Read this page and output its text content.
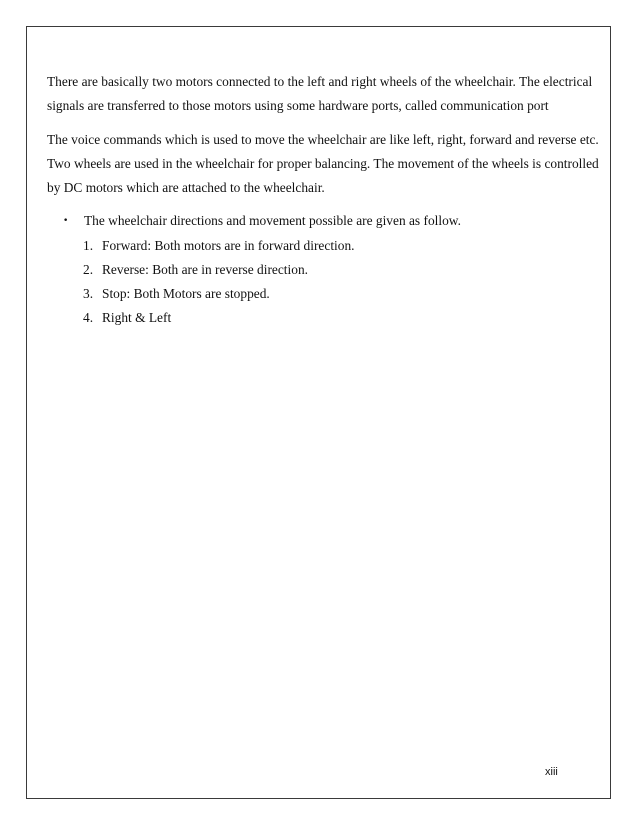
There are basically two motors connected to the left and right wheels of the wheelchair. The electrical
signals are transferred to those motors using some hardware ports, called communication port

The voice commands which is used to move the wheelchair are like left, right, forward and reverse etc.
Two wheels are used in the wheelchair for proper balancing. The movement of the wheels is controlled
by DC motors which are attached to the wheelchair.

• The wheelchair directions and movement possible are given as follow.
1. Forward: Both motors are in forward direction.
2. Reverse: Both are in reverse direction.
3. Stop: Both Motors are stopped.
4. Right & Left
xiii
